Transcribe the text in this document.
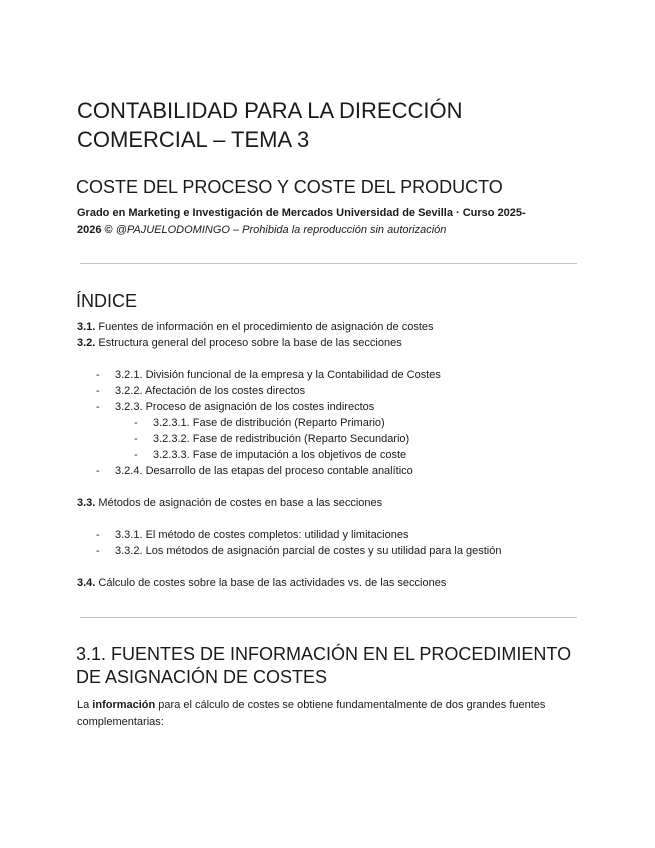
CONTABILIDAD PARA LA DIRECCIÓN COMERCIAL – TEMA 3
COSTE DEL PROCESO Y COSTE DEL PRODUCTO
Grado en Marketing e Investigación de Mercados Universidad de Sevilla · Curso 2025-2026 © @PAJUELODOMINGO – Prohibida la reproducción sin autorización
ÍNDICE
3.1. Fuentes de información en el procedimiento de asignación de costes
3.2. Estructura general del proceso sobre la base de las secciones
- 3.2.1. División funcional de la empresa y la Contabilidad de Costes
- 3.2.2. Afectación de los costes directos
- 3.2.3. Proceso de asignación de los costes indirectos
- 3.2.3.1. Fase de distribución (Reparto Primario)
- 3.2.3.2. Fase de redistribución (Reparto Secundario)
- 3.2.3.3. Fase de imputación a los objetivos de coste
- 3.2.4. Desarrollo de las etapas del proceso contable analítico
3.3. Métodos de asignación de costes en base a las secciones
- 3.3.1. El método de costes completos: utilidad y limitaciones
- 3.3.2. Los métodos de asignación parcial de costes y su utilidad para la gestión
3.4. Cálculo de costes sobre la base de las actividades vs. de las secciones
3.1. FUENTES DE INFORMACIÓN EN EL PROCEDIMIENTO DE ASIGNACIÓN DE COSTES
La información para el cálculo de costes se obtiene fundamentalmente de dos grandes fuentes complementarias:
